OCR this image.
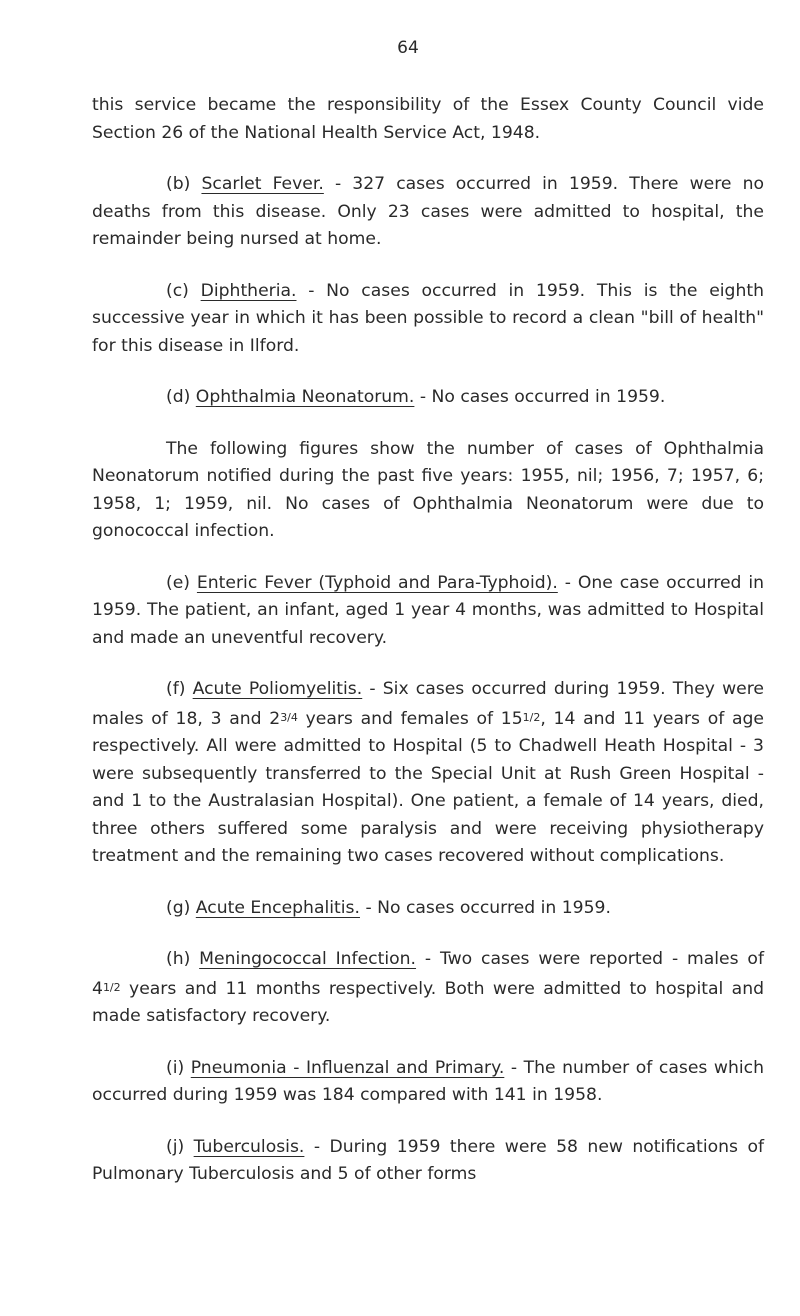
64

this service became the responsibility of the Essex County Council vide Section 26 of the National Health Service Act, 1948.

(b) Scarlet Fever. - 327 cases occurred in 1959. There were no deaths from this disease. Only 23 cases were admitted to hospital, the remainder being nursed at home.

(c) Diphtheria. - No cases occurred in 1959. This is the eighth successive year in which it has been possible to record a clean "bill of health" for this disease in Ilford.

(d) Ophthalmia Neonatorum. - No cases occurred in 1959.

The following figures show the number of cases of Ophthalmia Neonatorum notified during the past five years: 1955, nil; 1956, 7; 1957, 6; 1958, 1; 1959, nil. No cases of Ophthalmia Neonatorum were due to gonococcal infection.

(e) Enteric Fever (Typhoid and Para-Typhoid). - One case occurred in 1959. The patient, an infant, aged 1 year 4 months, was admitted to Hospital and made an uneventful recovery.

(f) Acute Poliomyelitis. - Six cases occurred during 1959. They were males of 18, 3 and 23/4 years and females of 151/2, 14 and 11 years of age respectively. All were admitted to Hospital (5 to Chadwell Heath Hospital - 3 were subsequently transferred to the Special Unit at Rush Green Hospital - and 1 to the Australasian Hospital). One patient, a female of 14 years, died, three others suffered some paralysis and were receiving physiotherapy treatment and the remaining two cases recovered without complications.

(g) Acute Encephalitis. - No cases occurred in 1959.

(h) Meningococcal Infection. - Two cases were reported - males of 41/2 years and 11 months respectively. Both were admitted to hospital and made satisfactory recovery.

(i) Pneumonia - Influenzal and Primary. - The number of cases which occurred during 1959 was 184 compared with 141 in 1958.

(j) Tuberculosis. - During 1959 there were 58 new notifications of Pulmonary Tuberculosis and 5 of other forms
